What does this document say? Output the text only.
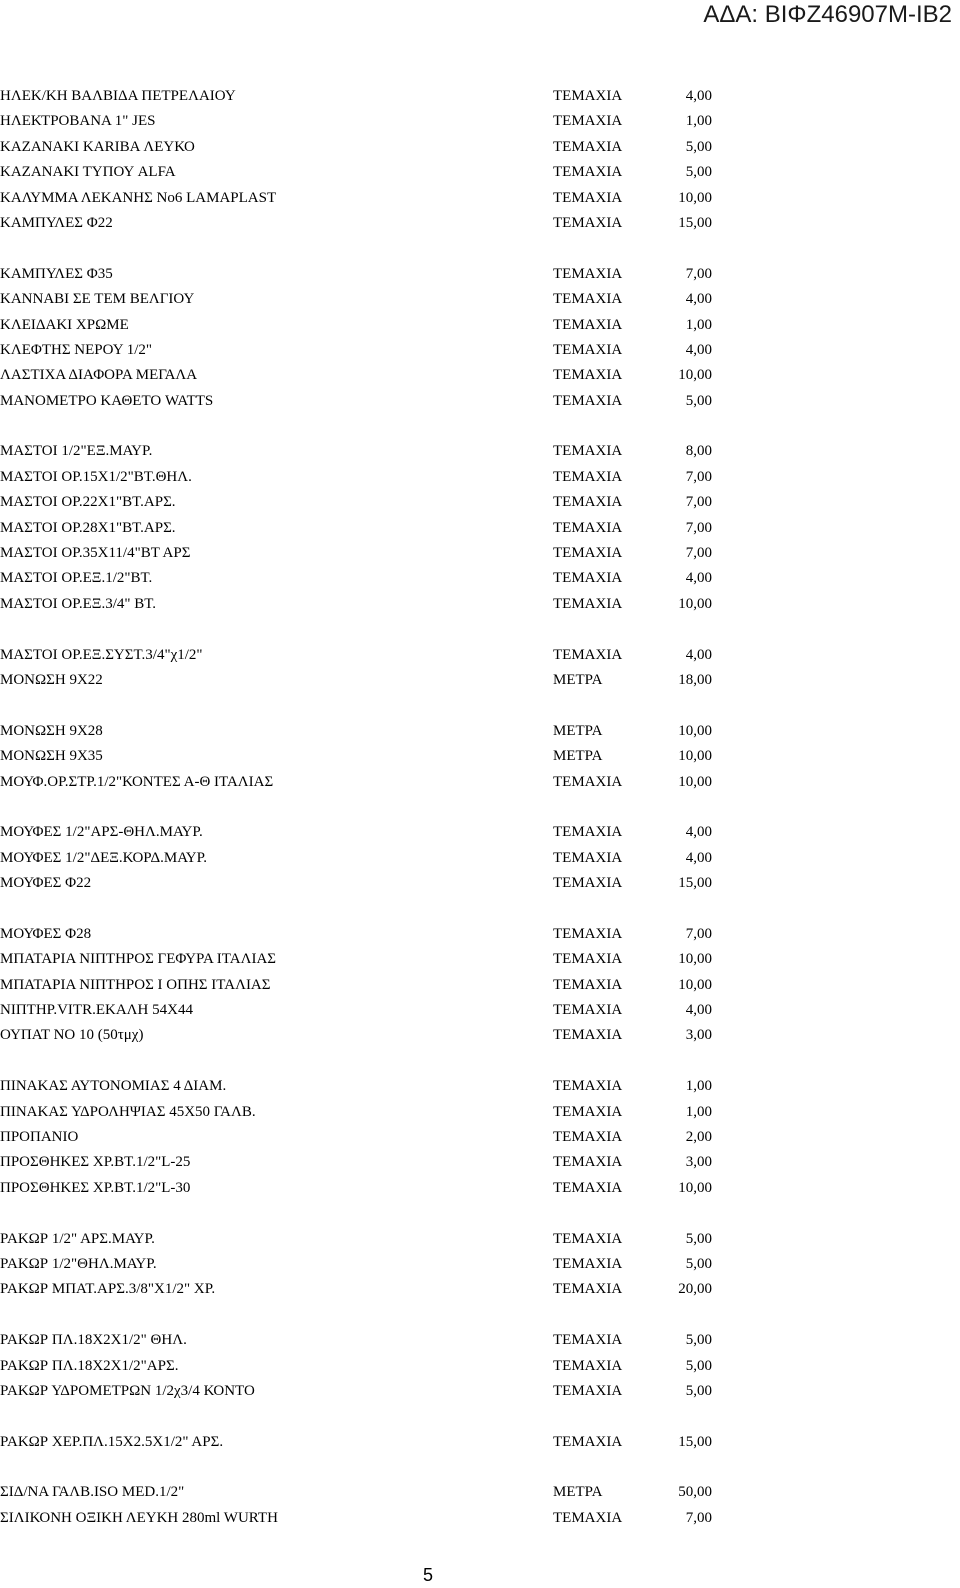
ΑΔΑ: ΒΙΦΖ46907Μ-ΙΒ2
ΗΛΕΚ/ΚΗ ΒΑΛΒΙΔΑ ΠΕΤΡΕΛΑΙΟΥ	ΤΕΜΑΧΙΑ	4,00
ΗΛΕΚΤΡΟΒΑΝΑ 1" JES	ΤΕΜΑΧΙΑ	1,00
ΚΑΖΑΝΑΚΙ KARIBA ΛΕΥΚΟ	ΤΕΜΑΧΙΑ	5,00
ΚΑΖΑΝΑΚΙ ΤΥΠΟΥ ALFA	ΤΕΜΑΧΙΑ	5,00
ΚΑΛΥΜΜΑ ΛΕΚΑΝΗΣ No6 LAMAPLAST	ΤΕΜΑΧΙΑ	10,00
ΚΑΜΠΥΛΕΣ Φ22	ΤΕΜΑΧΙΑ	15,00
ΚΑΜΠΥΛΕΣ Φ35	ΤΕΜΑΧΙΑ	7,00
ΚΑΝΝΑΒΙ ΣΕ ΤΕΜ ΒΕΛΓΙΟΥ	ΤΕΜΑΧΙΑ	4,00
ΚΛΕΙΔΑΚΙ ΧΡΩΜΕ	ΤΕΜΑΧΙΑ	1,00
ΚΛΕΦΤΗΣ ΝΕΡΟΥ 1/2"	ΤΕΜΑΧΙΑ	4,00
ΛΑΣΤΙΧΑ ΔΙΑΦΟΡΑ ΜΕΓΑΛΑ	ΤΕΜΑΧΙΑ	10,00
ΜΑΝΟΜΕΤΡΟ ΚΑΘΕΤΟ WATTS	ΤΕΜΑΧΙΑ	5,00
ΜΑΣΤΟΙ 1/2"ΕΞ.ΜΑΥΡ.	ΤΕΜΑΧΙΑ	8,00
ΜΑΣΤΟΙ ΟΡ.15Χ1/2"ΒΤ.ΘΗΛ.	ΤΕΜΑΧΙΑ	7,00
ΜΑΣΤΟΙ ΟΡ.22Χ1"ΒΤ.ΑΡΣ.	ΤΕΜΑΧΙΑ	7,00
ΜΑΣΤΟΙ ΟΡ.28Χ1"ΒΤ.ΑΡΣ.	ΤΕΜΑΧΙΑ	7,00
ΜΑΣΤΟΙ ΟΡ.35Χ11/4"ΒΤ ΑΡΣ	ΤΕΜΑΧΙΑ	7,00
ΜΑΣΤΟΙ ΟΡ.ΕΞ.1/2"ΒΤ.	ΤΕΜΑΧΙΑ	4,00
ΜΑΣΤΟΙ ΟΡ.ΕΞ.3/4" ΒΤ.	ΤΕΜΑΧΙΑ	10,00
ΜΑΣΤΟΙ ΟΡ.ΕΞ.ΣΥΣΤ.3/4"χ1/2"	ΤΕΜΑΧΙΑ	4,00
ΜΟΝΩΣΗ 9Χ22	ΜΕΤΡΑ	18,00
ΜΟΝΩΣΗ 9Χ28	ΜΕΤΡΑ	10,00
ΜΟΝΩΣΗ 9Χ35	ΜΕΤΡΑ	10,00
ΜΟΥΦ.ΟΡ.ΣΤΡ.1/2"ΚΟΝΤΕΣ Α-Θ ΙΤΑΛΙΑΣ	ΤΕΜΑΧΙΑ	10,00
ΜΟΥΦΕΣ 1/2"ΑΡΣ-ΘΗΛ.ΜΑΥΡ.	ΤΕΜΑΧΙΑ	4,00
ΜΟΥΦΕΣ 1/2"ΔΕΞ.ΚΟΡΔ.ΜΑΥΡ.	ΤΕΜΑΧΙΑ	4,00
ΜΟΥΦΕΣ Φ22	ΤΕΜΑΧΙΑ	15,00
ΜΟΥΦΕΣ Φ28	ΤΕΜΑΧΙΑ	7,00
ΜΠΑΤΑΡΙΑ ΝΙΠΤΗΡΟΣ ΓΕΦΥΡΑ ΙΤΑΛΙΑΣ	ΤΕΜΑΧΙΑ	10,00
ΜΠΑΤΑΡΙΑ ΝΙΠΤΗΡΟΣ Ι ΟΠΗΣ ΙΤΑΛΙΑΣ	ΤΕΜΑΧΙΑ	10,00
ΝΙΠΤΗΡ.VITR.ΕΚΑΛΗ 54Χ44	ΤΕΜΑΧΙΑ	4,00
ΟΥΠΑΤ ΝΟ 10 (50τμχ)	ΤΕΜΑΧΙΑ	3,00
ΠΙΝΑΚΑΣ ΑΥΤΟΝΟΜΙΑΣ 4 ΔΙΑΜ.	ΤΕΜΑΧΙΑ	1,00
ΠΙΝΑΚΑΣ ΥΔΡΟΛΗΨΙΑΣ 45Χ50 ΓΑΛΒ.	ΤΕΜΑΧΙΑ	1,00
ΠΡΟΠΑΝΙΟ	ΤΕΜΑΧΙΑ	2,00
ΠΡΟΣΘΗΚΕΣ ΧΡ.ΒΤ.1/2"L-25	ΤΕΜΑΧΙΑ	3,00
ΠΡΟΣΘΗΚΕΣ ΧΡ.ΒΤ.1/2"L-30	ΤΕΜΑΧΙΑ	10,00
ΡΑΚΩΡ 1/2" ΑΡΣ.ΜΑΥΡ.	ΤΕΜΑΧΙΑ	5,00
ΡΑΚΩΡ 1/2"ΘΗΛ.ΜΑΥΡ.	ΤΕΜΑΧΙΑ	5,00
ΡΑΚΩΡ ΜΠΑΤ.ΑΡΣ.3/8"Χ1/2" ΧΡ.	ΤΕΜΑΧΙΑ	20,00
ΡΑΚΩΡ ΠΛ.18Χ2Χ1/2" ΘΗΛ.	ΤΕΜΑΧΙΑ	5,00
ΡΑΚΩΡ ΠΛ.18Χ2Χ1/2"ΑΡΣ.	ΤΕΜΑΧΙΑ	5,00
ΡΑΚΩΡ ΥΔΡΟΜΕΤΡΩΝ 1/2χ3/4 ΚΟΝΤΟ	ΤΕΜΑΧΙΑ	5,00
ΡΑΚΩΡ ΧΕΡ.ΠΛ.15Χ2.5Χ1/2" ΑΡΣ.	ΤΕΜΑΧΙΑ	15,00
ΣΙΔ/ΝΑ ΓΑΛΒ.ISO MED.1/2"	ΜΕΤΡΑ	50,00
ΣΙΛΙΚΟΝΗ ΟΞΙΚΗ ΛΕΥΚΗ 280ml WURTH	ΤΕΜΑΧΙΑ	7,00
5
